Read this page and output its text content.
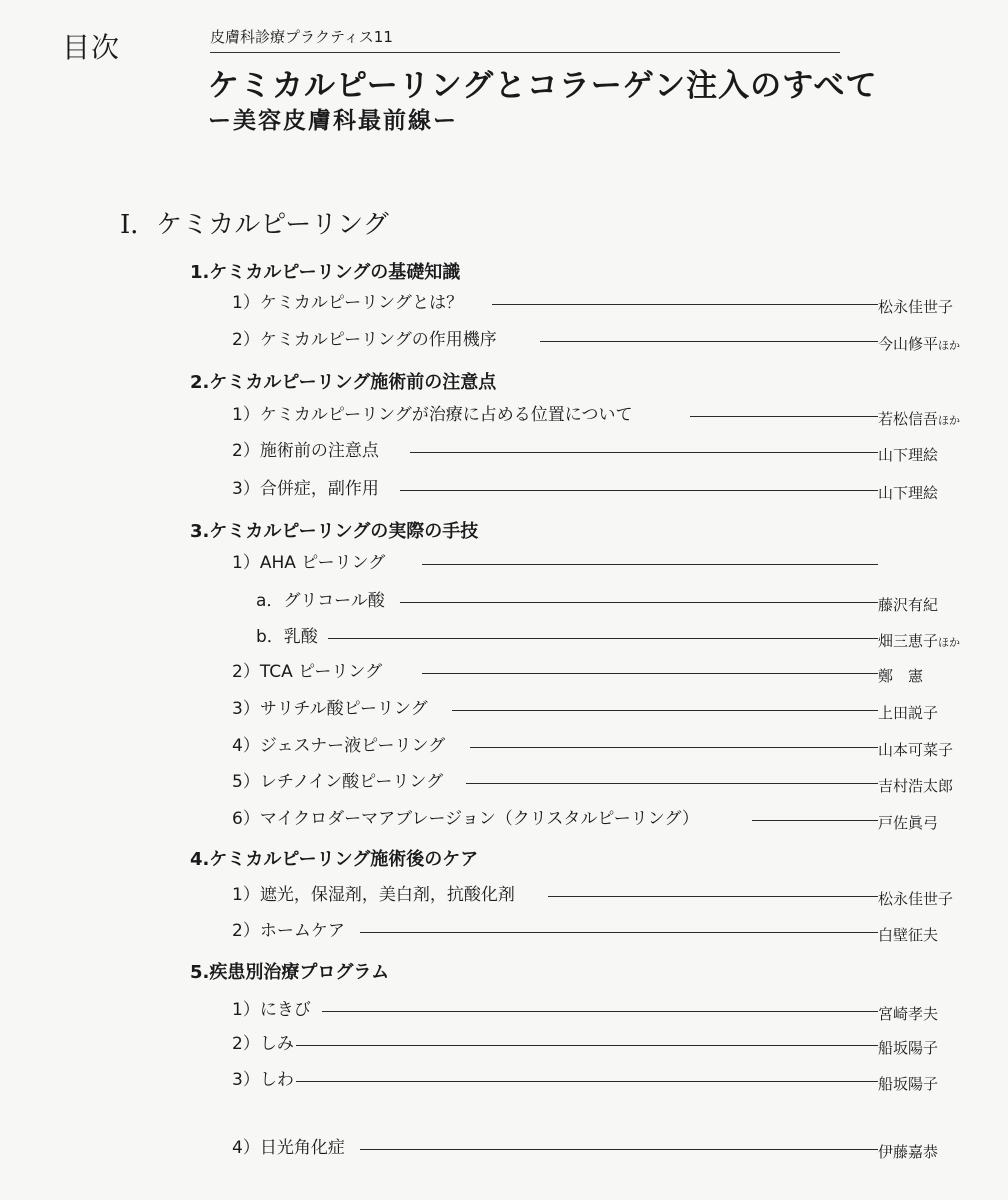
目次	皮膚科診療プラクティス11
ケミカルピーリングとコラーゲン注入のすべて
ー美容皮膚科最前線ー
Ⅰ．ケミカルピーリング
1.ケミカルピーリングの基礎知識
1）ケミカルピーリングとは？	松永佳世子
2）ケミカルピーリングの作用機序	今山修平ほか
2.ケミカルピーリング施術前の注意点
1）ケミカルピーリングが治療に占める位置について	若松信吾ほか
2）施術前の注意点	山下理絵
3）合併症，副作用	山下理絵
3.ケミカルピーリングの実際の手技
1）AHA ピーリング
a．グリコール酸	藤沢有紀
b．乳酸	畑三恵子ほか
2）TCA ピーリング	鄭　憲
3）サリチル酸ピーリング	上田説子
4）ジェスナー液ピーリング	山本可菜子
5）レチノイン酸ピーリング	吉村浩太郎
6）マイクロダーマアブレージョン（クリスタルピーリング）	戸佐眞弓
4.ケミカルピーリング施術後のケア
1）遮光，保湿剤，美白剤，抗酸化剤	松永佳世子
2）ホームケア	白壁征夫
5.疾患別治療プログラム
1）にきび	宮崎孝夫
2）しみ	船坂陽子
3）しわ	船坂陽子
4）日光角化症	伊藤嘉恭
